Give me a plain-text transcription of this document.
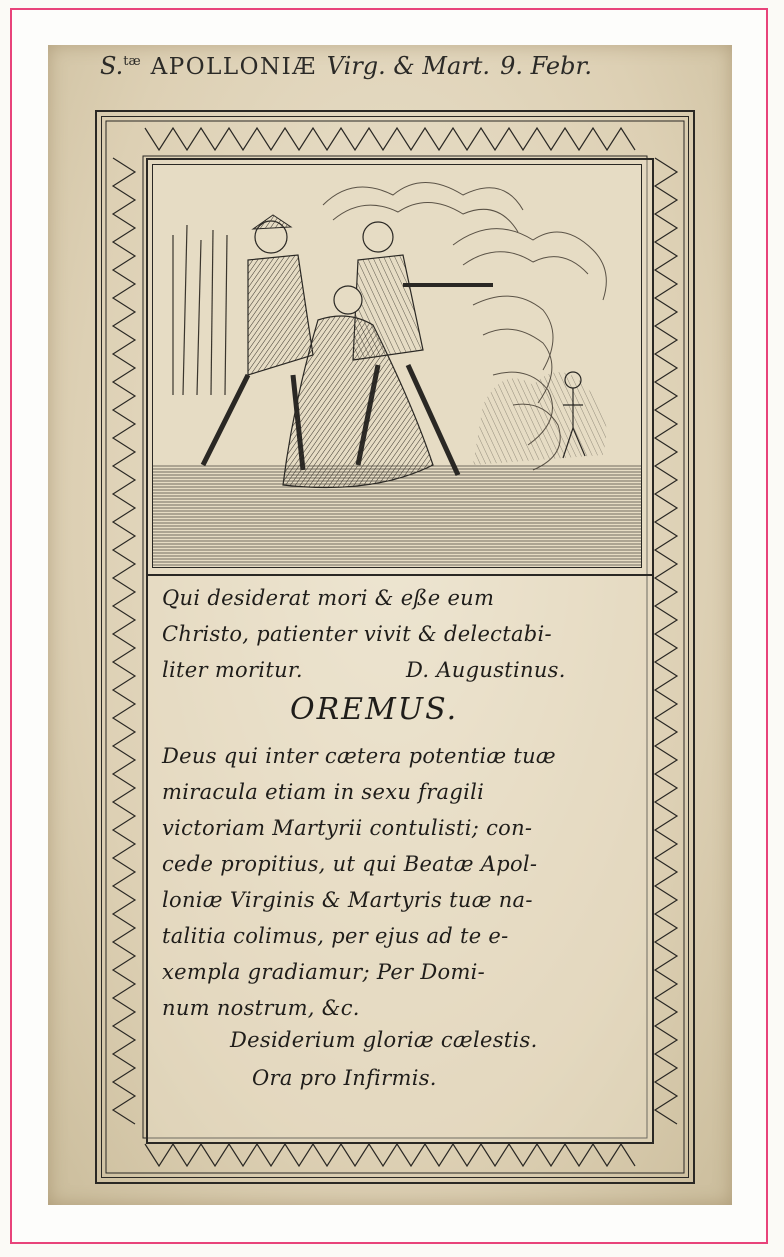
S.$^{tæ}$ APOLLONIÆ Virg. & Mart. 9. Febr.
Qui desiderat mori & eße eum
Christo, patienter vivit & delectabi-
liter moritur.	D. Augustinus.
OREMUS.
Deus qui inter cætera potentiæ tuæ
miracula etiam in sexu fragili
victoriam Martyrii contulisti; con-
cede propitius, ut qui Beatæ Apol-
loniæ Virginis & Martyris tuæ na-
talitia colimus, per ejus ad te e-
xempla gradiamur; Per Domi-
num nostrum, &c.
Desiderium gloriæ cælestis.
Ora pro Infirmis.
